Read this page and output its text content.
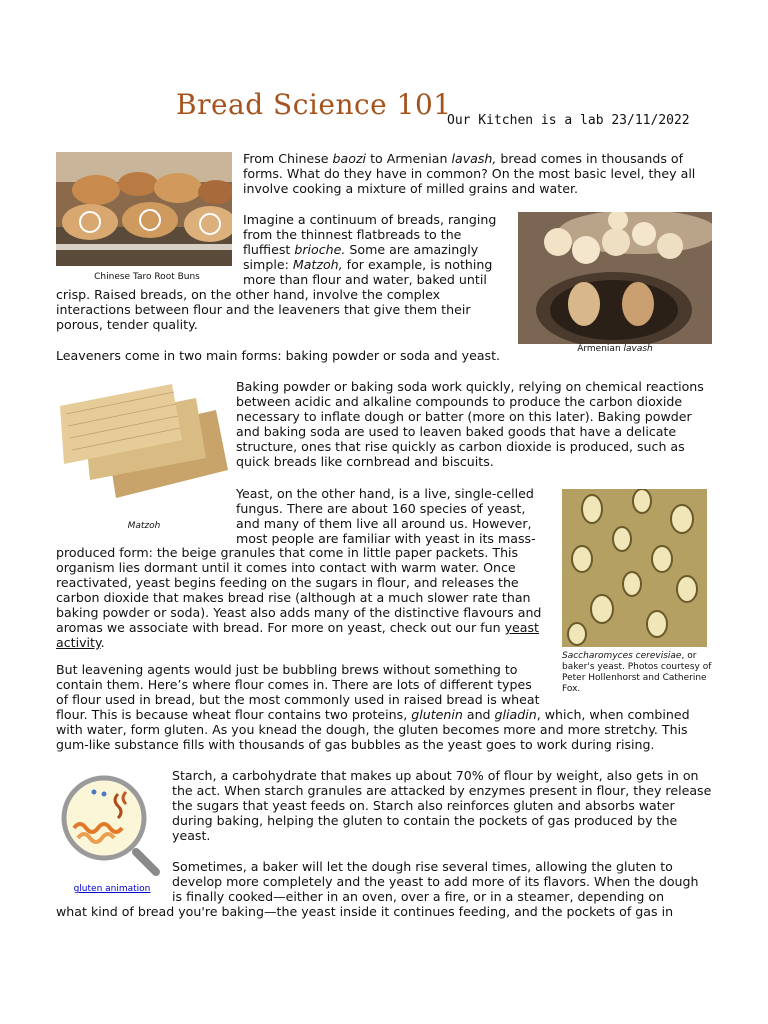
Bread Science 101
Our Kitchen is a lab 23/11/2022
Chinese Taro Root Buns

From Chinese baozi to Armenian lavash, bread comes in thousands of forms. What do they have in common? On the most basic level, they all involve cooking a mixture of milled grains and water.

Armenian lavash
Imagine a continuum of breads, ranging
from the thinnest flatbreads to the
fluffiest brioche. Some are amazingly
simple: Matzoh, for example, is nothing
more than flour and water, baked until

crisp. Raised breads, on the other hand, involve the complex interactions between flour and the leaveners that give them their porous, tender quality.

Leaveners come in two main forms: baking powder or soda and yeast.

Matzoh

Baking powder or baking soda work quickly, relying on chemical reactions between acidic and alkaline compounds to produce the carbon dioxide necessary to inflate dough or batter (more on this later). Baking powder and baking soda are used to leaven baked goods that have a delicate structure, ones that rise quickly as carbon dioxide is produced, such as quick breads like cornbread and biscuits.

Saccharomyces cerevisiae, or baker's yeast. Photos courtesy of Peter Hollenhorst and Catherine Fox.
Yeast, on the other hand, is a live, single-celled
fungus. There are about 160 species of yeast,
and many of them live all around us. However,
most people are familiar with yeast in its mass-

produced form: the beige granules that come in little paper packets. This organism lies dormant until it comes into contact with warm water. Once reactivated, yeast begins feeding on the sugars in flour, and releases the carbon dioxide that makes bread rise (although at a much slower rate than baking powder or soda). Yeast also adds many of the distinctive flavours and aromas we associate with bread. For more on yeast, check out our fun yeast activity.

But leavening agents would just be bubbling brews without something to
contain them. Here’s where flour comes in. There are lots of different types
of flour used in bread, but the most commonly used in raised bread is wheat

flour. This is because wheat flour contains two proteins, glutenin and gliadin, which, when combined with water, form gluten. As you knead the dough, the gluten becomes more and more stretchy. This gum-like substance fills with thousands of gas bubbles as the yeast goes to work during rising.

gluten animation

Starch, a carbohydrate that makes up about 70% of flour by weight, also gets in on the act. When starch granules are attacked by enzymes present in flour, they release the sugars that yeast feeds on. Starch also reinforces gluten and absorbs water during baking, helping the gluten to contain the pockets of gas produced by the yeast.

Sometimes, a baker will let the dough rise several times, allowing the gluten to
develop more completely and the yeast to add more of its flavors. When the dough
is finally cooked—either in an oven, over a fire, or in a steamer, depending on

what kind of bread you're baking—the yeast inside it continues feeding, and the pockets of gas in
